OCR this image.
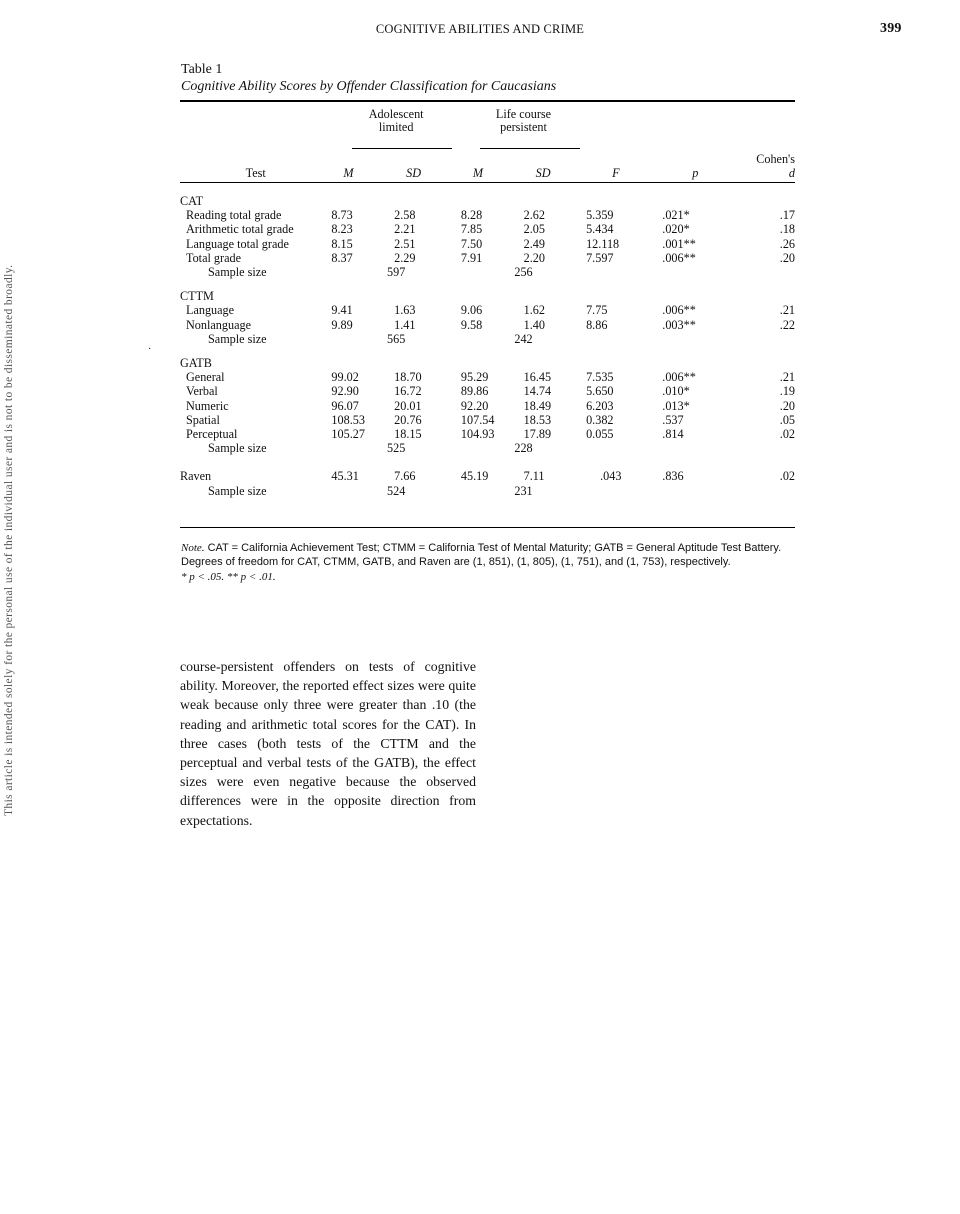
COGNITIVE ABILITIES AND CRIME	399
Table 1
Cognitive Ability Scores by Offender Classification for Caucasians
·

	Adolescent
limited		Life course
persistent				

Test	M	SD	M	SD	F	p	Cohen's
d

CAT							
Reading total grade	8.73	2.58	8.28	2.62	5.359	.021*	.17
Arithmetic total grade	8.23	2.21	7.85	2.05	5.434	.020*	.18
Language total grade	8.15	2.51	7.50	2.49	12.118	.001**	.26
Total grade	8.37	2.29	7.91	2.20	7.597	.006**	.20
Sample size	597		256				
CTTM							
Language	9.41	1.63	9.06	1.62	7.75	.006**	.21
Nonlanguage	9.89	1.41	9.58	1.40	8.86	.003**	.22
Sample size	565		242				
GATB							
General	99.02	18.70	95.29	16.45	7.535	.006**	.21
Verbal	92.90	16.72	89.86	14.74	5.650	.010*	.19
Numeric	96.07	20.01	92.20	18.49	6.203	.013*	.20
Spatial	108.53	20.76	107.54	18.53	0.382	.537	.05
Perceptual	105.27	18.15	104.93	17.89	0.055	.814	.02
Sample size	525		228				
Raven	45.31	7.66	45.19	7.11	.043	.836	.02
Sample size	524		231				
Note. CAT = California Achievement Test; CTMM = California Test of Mental Maturity; GATB = General Aptitude Test Battery. Degrees of freedom for CAT, CTMM, GATB, and Raven are (1, 851), (1, 805), (1, 751), and (1, 753), respectively.
* p < .05. ** p < .01.
course-persistent offenders on tests of cognitive ability. Moreover, the reported effect sizes were quite weak because only three were greater than .10 (the reading and arithmetic total scores for the CAT). In three cases (both tests of the CTTM and the perceptual and verbal tests of the GATB), the effect sizes were even negative because the observed differences were in the opposite direction from expectations.
This article is intended solely for the personal use of the individual user and is not to be disseminated broadly.
